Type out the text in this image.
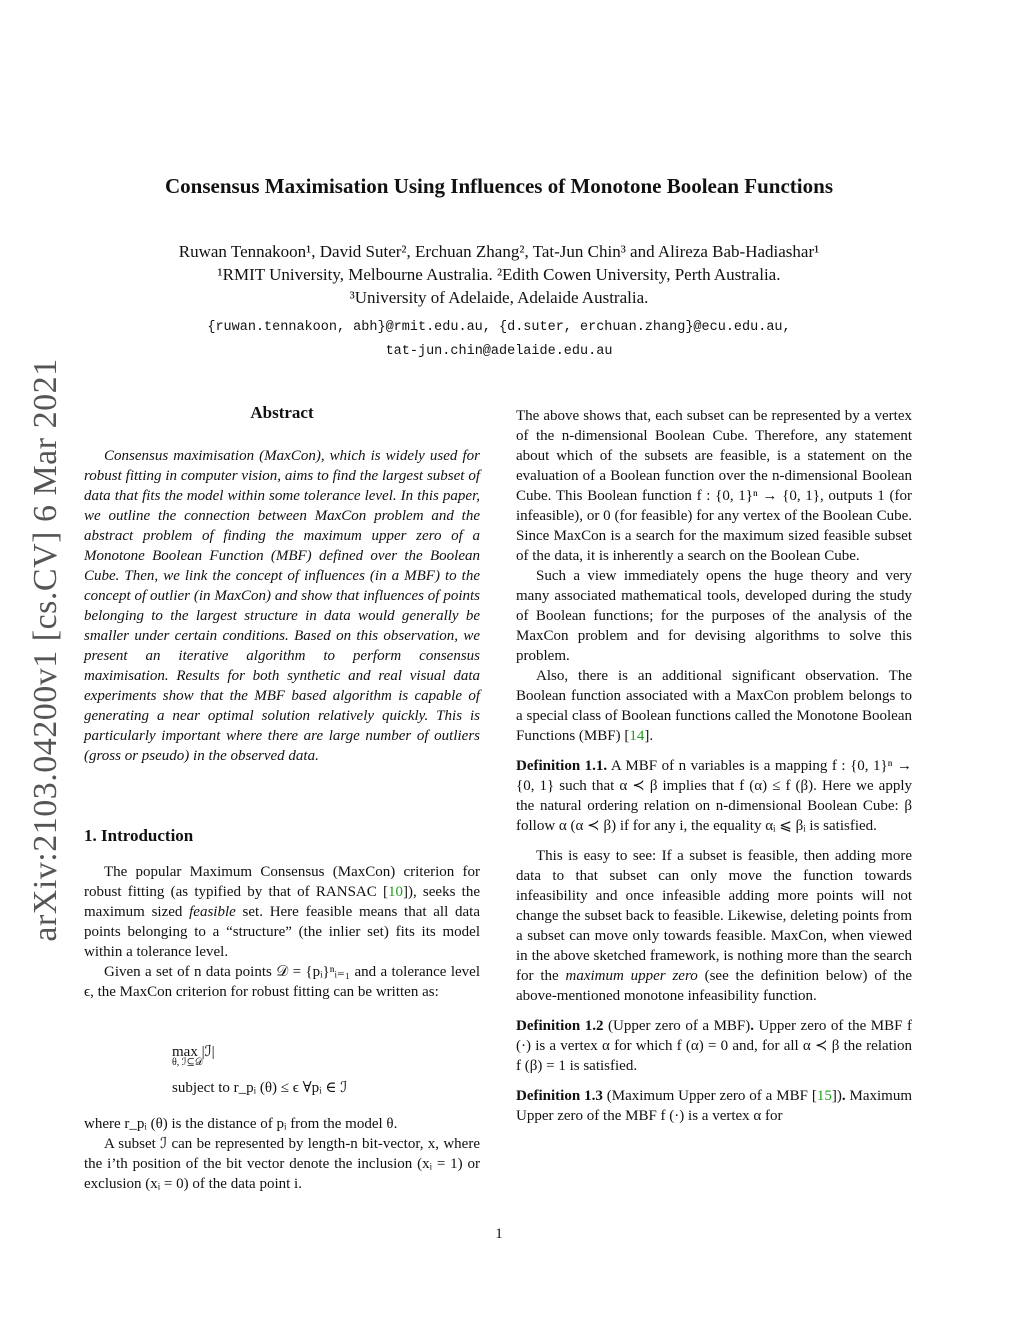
arXiv:2103.04200v1 [cs.CV] 6 Mar 2021
Consensus Maximisation Using Influences of Monotone Boolean Functions
Ruwan Tennakoon¹, David Suter², Erchuan Zhang², Tat-Jun Chin³ and Alireza Bab-Hadiashar¹
¹RMIT University, Melbourne Australia. ²Edith Cowen University, Perth Australia.
³University of Adelaide, Adelaide Australia.
{ruwan.tennakoon, abh}@rmit.edu.au, {d.suter, erchuan.zhang}@ecu.edu.au,
tat-jun.chin@adelaide.edu.au
Abstract
Consensus maximisation (MaxCon), which is widely used for robust fitting in computer vision, aims to find the largest subset of data that fits the model within some tolerance level. In this paper, we outline the connection between MaxCon problem and the abstract problem of finding the maximum upper zero of a Monotone Boolean Function (MBF) defined over the Boolean Cube. Then, we link the concept of influences (in a MBF) to the concept of outlier (in MaxCon) and show that influences of points belonging to the largest structure in data would generally be smaller under certain conditions. Based on this observation, we present an iterative algorithm to perform consensus maximisation. Results for both synthetic and real visual data experiments show that the MBF based algorithm is capable of generating a near optimal solution relatively quickly. This is particularly important where there are large number of outliers (gross or pseudo) in the observed data.
1. Introduction

The popular Maximum Consensus (MaxCon) criterion for robust fitting (as typified by that of RANSAC [10]), seeks the maximum sized feasible set. Here feasible means that all data points belonging to a “structure” (the inlier set) fits its model within a tolerance level.

Given a set of n data points 𝒟 = {pᵢ}ⁿᵢ₌₁ and a tolerance level ϵ, the MaxCon criterion for robust fitting can be written as:

max |ℐ|
θ, ℐ⊆𝒟
subject to r_pᵢ (θ) ≤ ϵ ∀pᵢ ∈ ℐ

where r_pᵢ (θ) is the distance of pᵢ from the model θ.

A subset ℐ can be represented by length-n bit-vector, x, where the i’th position of the bit vector denote the inclusion (xᵢ = 1) or exclusion (xᵢ = 0) of the data point i.

The above shows that, each subset can be represented by a vertex of the n-dimensional Boolean Cube. Therefore, any statement about which of the subsets are feasible, is a statement on the evaluation of a Boolean function over the n-dimensional Boolean Cube. This Boolean function f : {0, 1}ⁿ → {0, 1}, outputs 1 (for infeasible), or 0 (for feasible) for any vertex of the Boolean Cube. Since MaxCon is a search for the maximum sized feasible subset of the data, it is inherently a search on the Boolean Cube.

Such a view immediately opens the huge theory and very many associated mathematical tools, developed during the study of Boolean functions; for the purposes of the analysis of the MaxCon problem and for devising algorithms to solve this problem.

Also, there is an additional significant observation. The Boolean function associated with a MaxCon problem belongs to a special class of Boolean functions called the Monotone Boolean Functions (MBF) [14].

Definition 1.1. A MBF of n variables is a mapping f : {0, 1}ⁿ → {0, 1} such that α ≺ β implies that f (α) ≤ f (β). Here we apply the natural ordering relation on n-dimensional Boolean Cube: β follow α (α ≺ β) if for any i, the equality αᵢ ⩽ βᵢ is satisfied.

This is easy to see: If a subset is feasible, then adding more data to that subset can only move the function towards infeasibility and once infeasible adding more points will not change the subset back to feasible. Likewise, deleting points from a subset can move only towards feasible. MaxCon, when viewed in the above sketched framework, is nothing more than the search for the maximum upper zero (see the definition below) of the above-mentioned monotone infeasibility function.

Definition 1.2 (Upper zero of a MBF). Upper zero of the MBF f (·) is a vertex α for which f (α) = 0 and, for all α ≺ β the relation f (β) = 1 is satisfied.

Definition 1.3 (Maximum Upper zero of a MBF [15]). Maximum Upper zero of the MBF f (·) is a vertex α for

1
